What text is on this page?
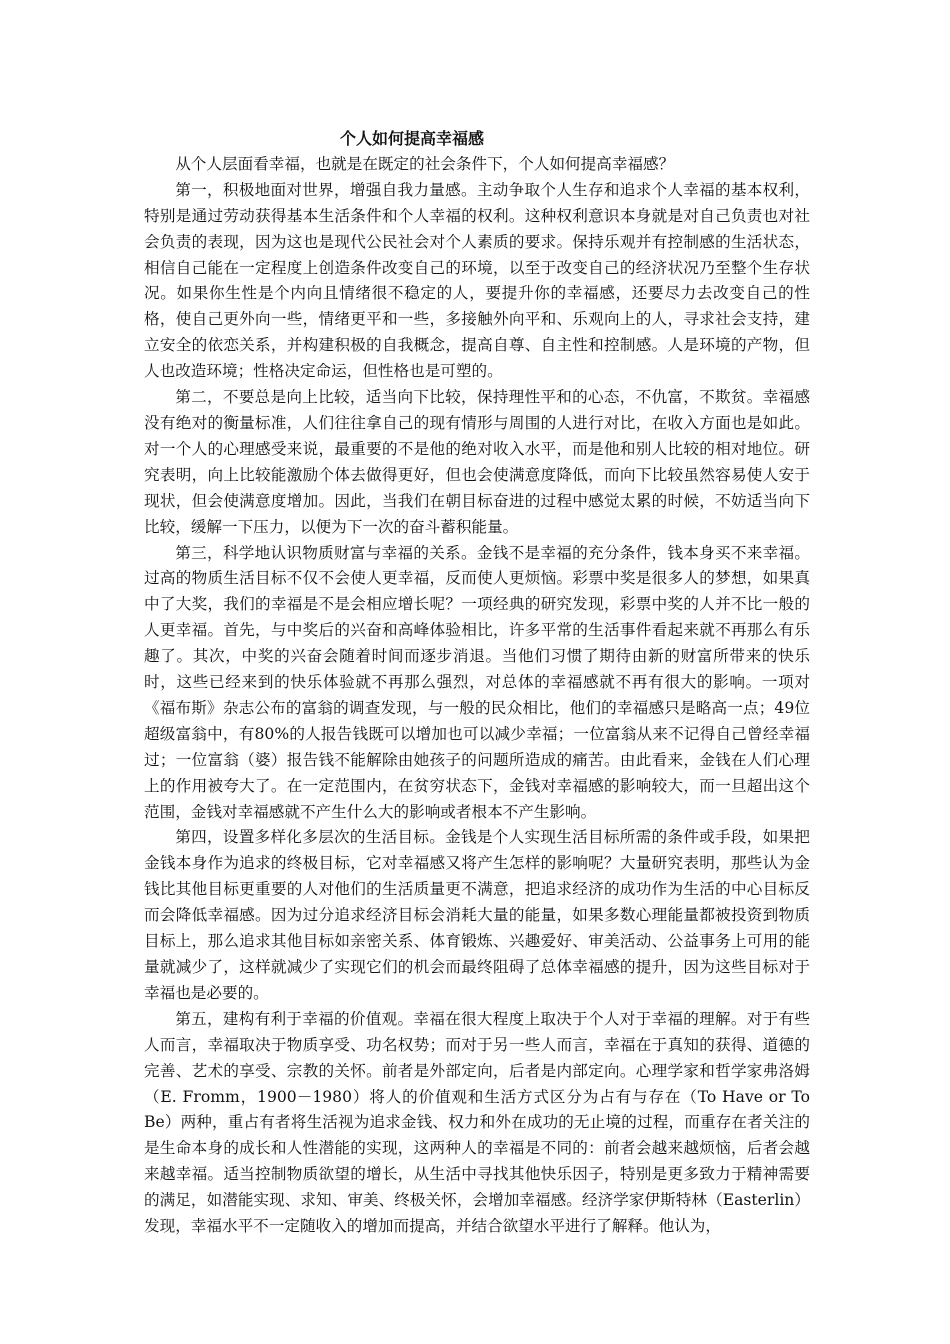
个人如何提高幸福感

从个人层面看幸福，也就是在既定的社会条件下，个人如何提高幸福感？

第一，积极地面对世界，增强自我力量感。主动争取个人生存和追求个人幸福的基本权利，特别是通过劳动获得基本生活条件和个人幸福的权利。这种权利意识本身就是对自己负责也对社会负责的表现，因为这也是现代公民社会对个人素质的要求。保持乐观并有控制感的生活状态，相信自己能在一定程度上创造条件改变自己的环境，以至于改变自己的经济状况乃至整个生存状况。如果你生性是个内向且情绪很不稳定的人，要提升你的幸福感，还要尽力去改变自己的性格，使自己更外向一些，情绪更平和一些，多接触外向平和、乐观向上的人，寻求社会支持，建立安全的依恋关系，并构建积极的自我概念，提高自尊、自主性和控制感。人是环境的产物，但人也改造环境；性格决定命运，但性格也是可塑的。

第二，不要总是向上比较，适当向下比较，保持理性平和的心态，不仇富，不欺贫。幸福感没有绝对的衡量标准，人们往往拿自己的现有情形与周围的人进行对比，在收入方面也是如此。对一个人的心理感受来说，最重要的不是他的绝对收入水平，而是他和别人比较的相对地位。研究表明，向上比较能激励个体去做得更好，但也会使满意度降低，而向下比较虽然容易使人安于现状，但会使满意度增加。因此，当我们在朝目标奋进的过程中感觉太累的时候，不妨适当向下比较，缓解一下压力，以便为下一次的奋斗蓄积能量。

第三，科学地认识物质财富与幸福的关系。金钱不是幸福的充分条件，钱本身买不来幸福。过高的物质生活目标不仅不会使人更幸福，反而使人更烦恼。彩票中奖是很多人的梦想，如果真中了大奖，我们的幸福是不是会相应增长呢？一项经典的研究发现，彩票中奖的人并不比一般的人更幸福。首先，与中奖后的兴奋和高峰体验相比，许多平常的生活事件看起来就不再那么有乐趣了。其次，中奖的兴奋会随着时间而逐步消退。当他们习惯了期待由新的财富所带来的快乐时，这些已经来到的快乐体验就不再那么强烈，对总体的幸福感就不再有很大的影响。一项对《福布斯》杂志公布的富翁的调查发现，与一般的民众相比，他们的幸福感只是略高一点；49位超级富翁中，有80%的人报告钱既可以增加也可以减少幸福；一位富翁从来不记得自己曾经幸福过；一位富翁（婆）报告钱不能解除由她孩子的问题所造成的痛苦。由此看来，金钱在人们心理上的作用被夸大了。在一定范围内，在贫穷状态下，金钱对幸福感的影响较大，而一旦超出这个范围，金钱对幸福感就不产生什么大的影响或者根本不产生影响。

第四，设置多样化多层次的生活目标。金钱是个人实现生活目标所需的条件或手段，如果把金钱本身作为追求的终极目标，它对幸福感又将产生怎样的影响呢？大量研究表明，那些认为金钱比其他目标更重要的人对他们的生活质量更不满意，把追求经济的成功作为生活的中心目标反而会降低幸福感。因为过分追求经济目标会消耗大量的能量，如果多数心理能量都被投资到物质目标上，那么追求其他目标如亲密关系、体育锻炼、兴趣爱好、审美活动、公益事务上可用的能量就减少了，这样就减少了实现它们的机会而最终阻碍了总体幸福感的提升，因为这些目标对于幸福也是必要的。

第五，建构有利于幸福的价值观。幸福在很大程度上取决于个人对于幸福的理解。对于有些人而言，幸福取决于物质享受、功名权势；而对于另一些人而言，幸福在于真知的获得、道德的完善、艺术的享受、宗教的关怀。前者是外部定向，后者是内部定向。心理学家和哲学家弗洛姆（E. Fromm，1900－1980）将人的价值观和生活方式区分为占有与存在（To Have or To Be）两种，重占有者将生活视为追求金钱、权力和外在成功的无止境的过程，而重存在者关注的是生命本身的成长和人性潜能的实现，这两种人的幸福是不同的：前者会越来越烦恼，后者会越来越幸福。适当控制物质欲望的增长，从生活中寻找其他快乐因子，特别是更多致力于精神需要的满足，如潜能实现、求知、审美、终极关怀，会增加幸福感。经济学家伊斯特林（Easterlin）发现，幸福水平不一定随收入的增加而提高，并结合欲望水平进行了解释。他认为，
